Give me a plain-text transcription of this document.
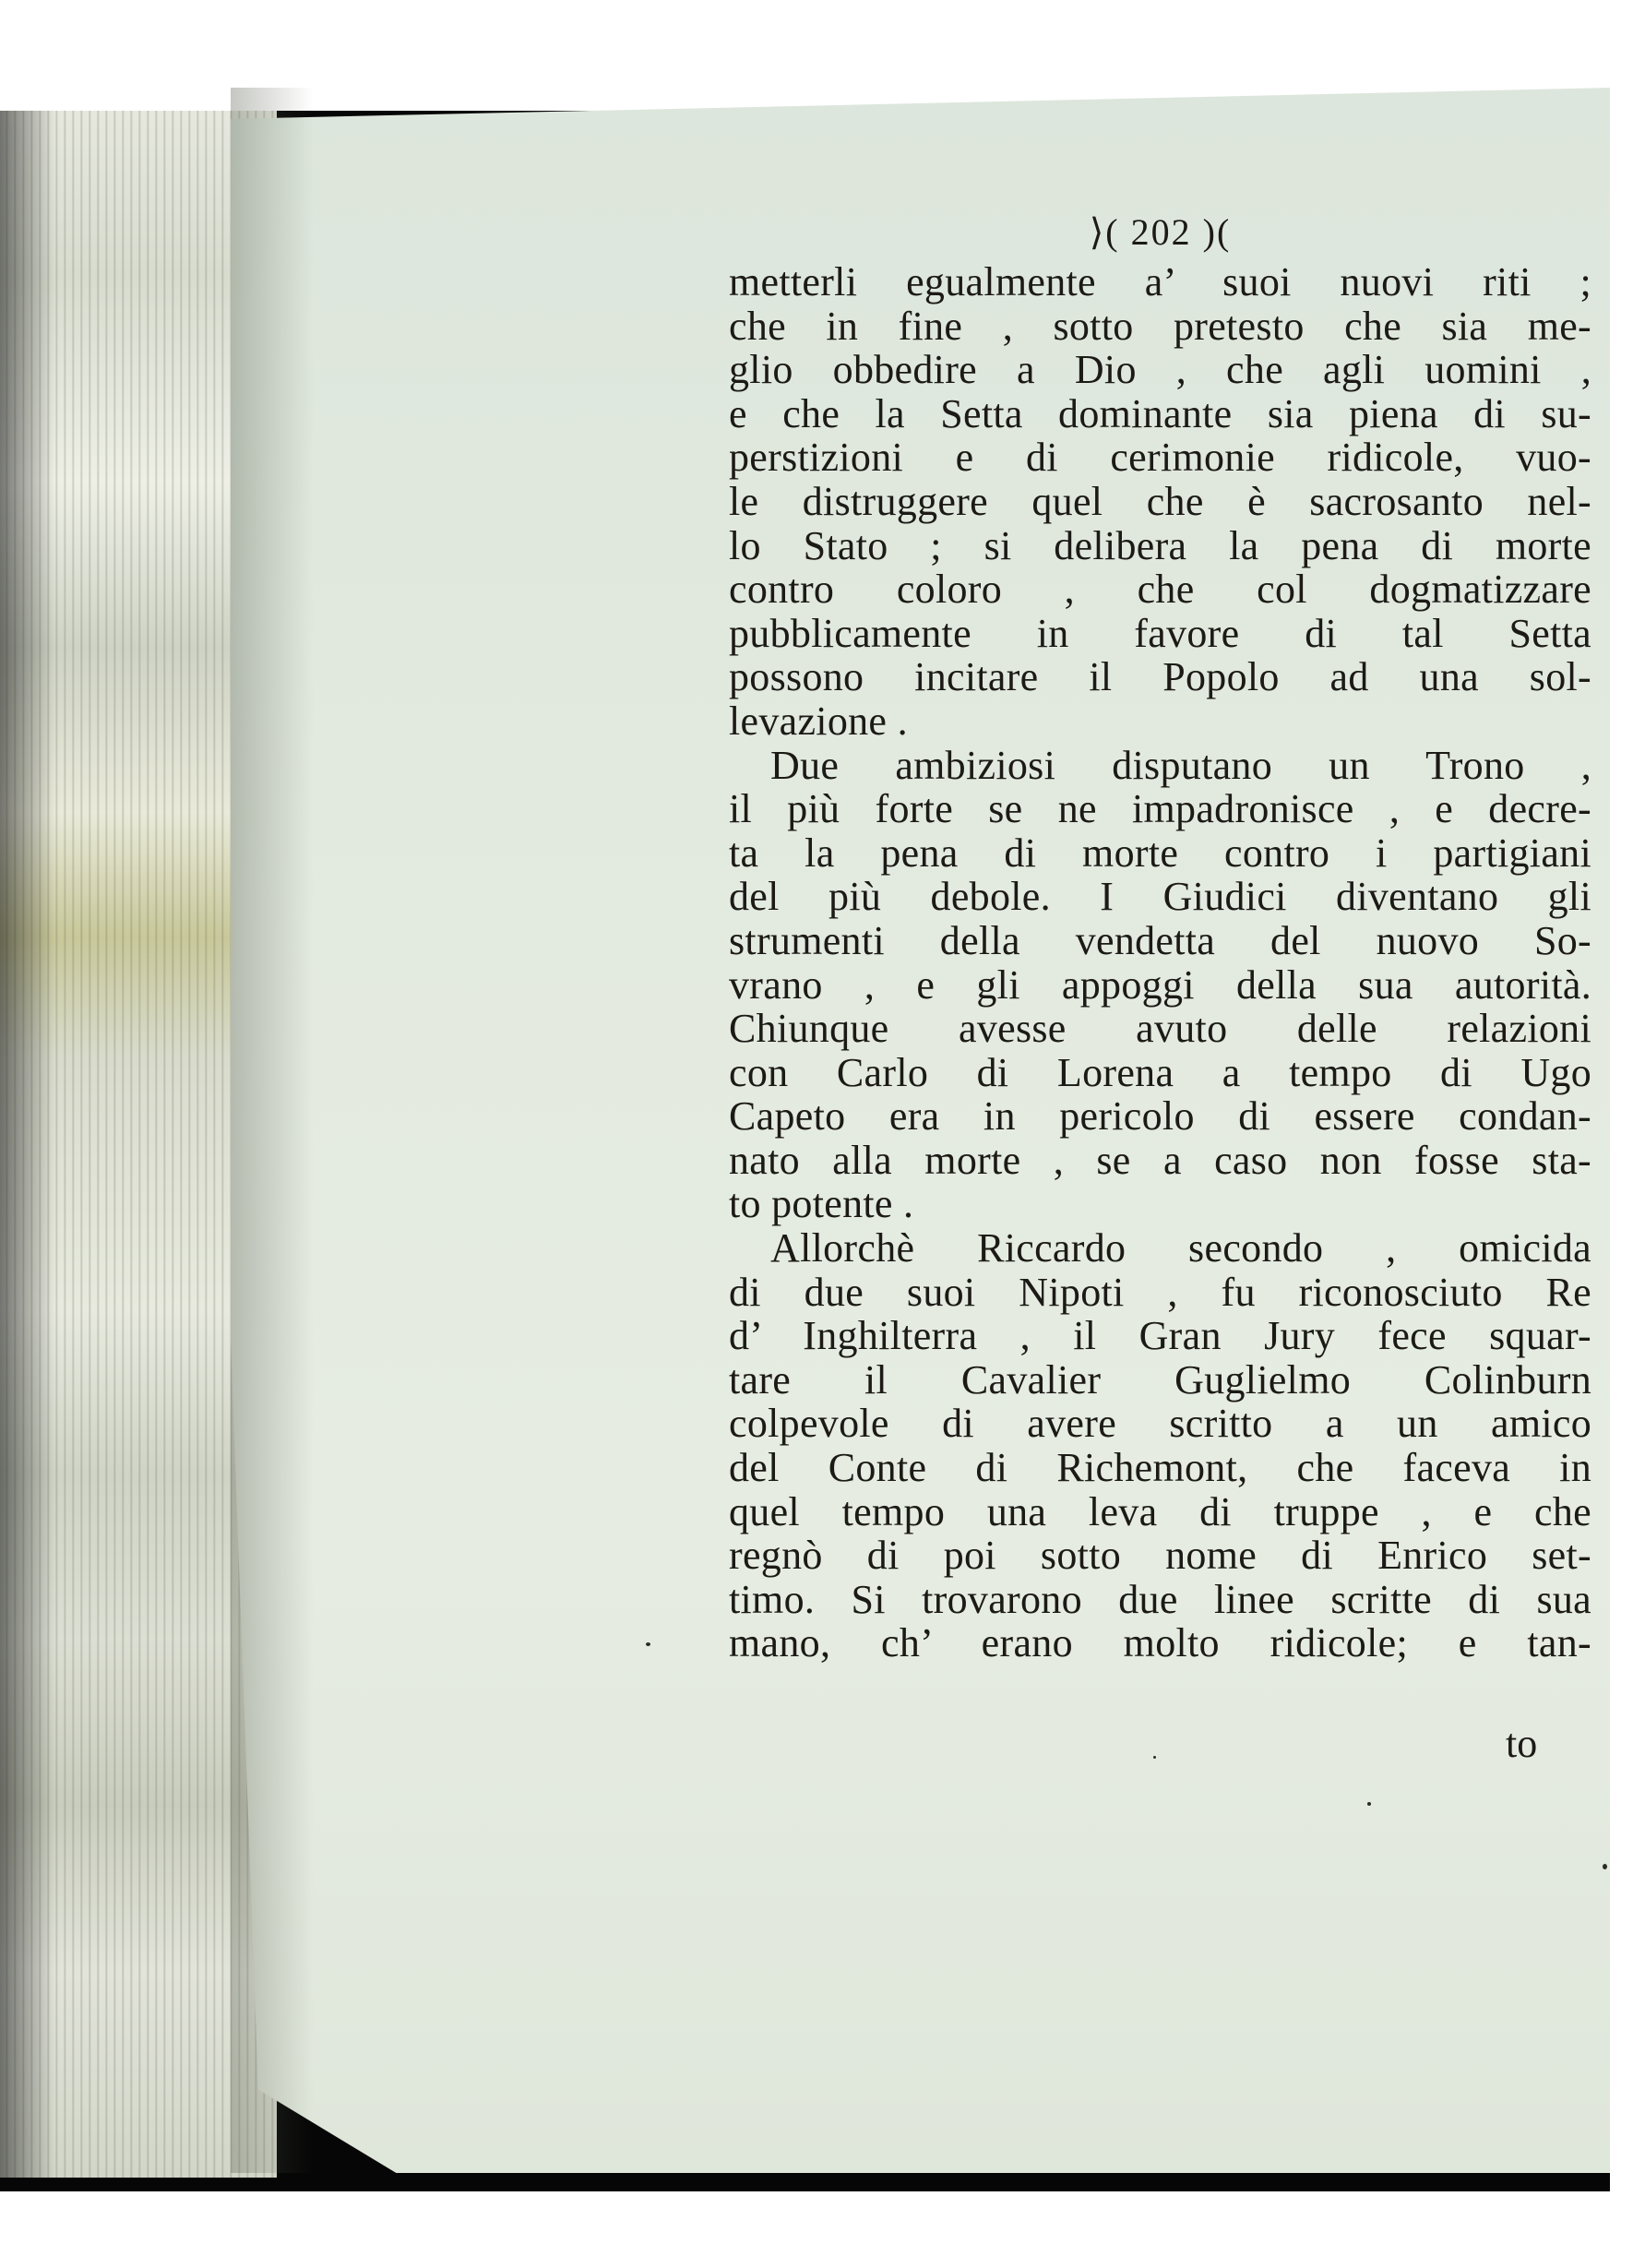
⟩( 202 )(
metterli egualmente a’ suoi nuovi riti ;
che in fine , sotto pretesto che sia me-
glio obbedire a Dio , che agli uomini ,
e che la Setta dominante sia piena di su-
perstizioni e di cerimonie ridicole, vuo-
le distruggere quel che è sacrosanto nel-
lo Stato ; si delibera la pena di morte
contro coloro , che col dogmatizzare
pubblicamente in favore di tal Setta
possono incitare il Popolo ad una sol-
levazione .
Due ambiziosi disputano un Trono ,
il più forte se ne impadronisce , e decre-
ta la pena di morte contro i partigiani
del più debole. I Giudici diventano gli
strumenti della vendetta del nuovo So-
vrano , e gli appoggi della sua autorità.
Chiunque avesse avuto delle relazioni
con Carlo di Lorena a tempo di Ugo
Capeto era in pericolo di essere condan-
nato alla morte , se a caso non fosse sta-
to potente .
Allorchè Riccardo secondo , omicida
di due suoi Nipoti , fu riconosciuto Re
d’ Inghilterra , il Gran Jury fece squar-
tare il Cavalier Guglielmo Colinburn
colpevole di avere scritto a un amico
del Conte di Richemont, che faceva in
quel tempo una leva di truppe , e che
regnò di poi sotto nome di Enrico set-
timo. Si trovarono due linee scritte di sua
mano, ch’ erano molto ridicole; e tan-
to
